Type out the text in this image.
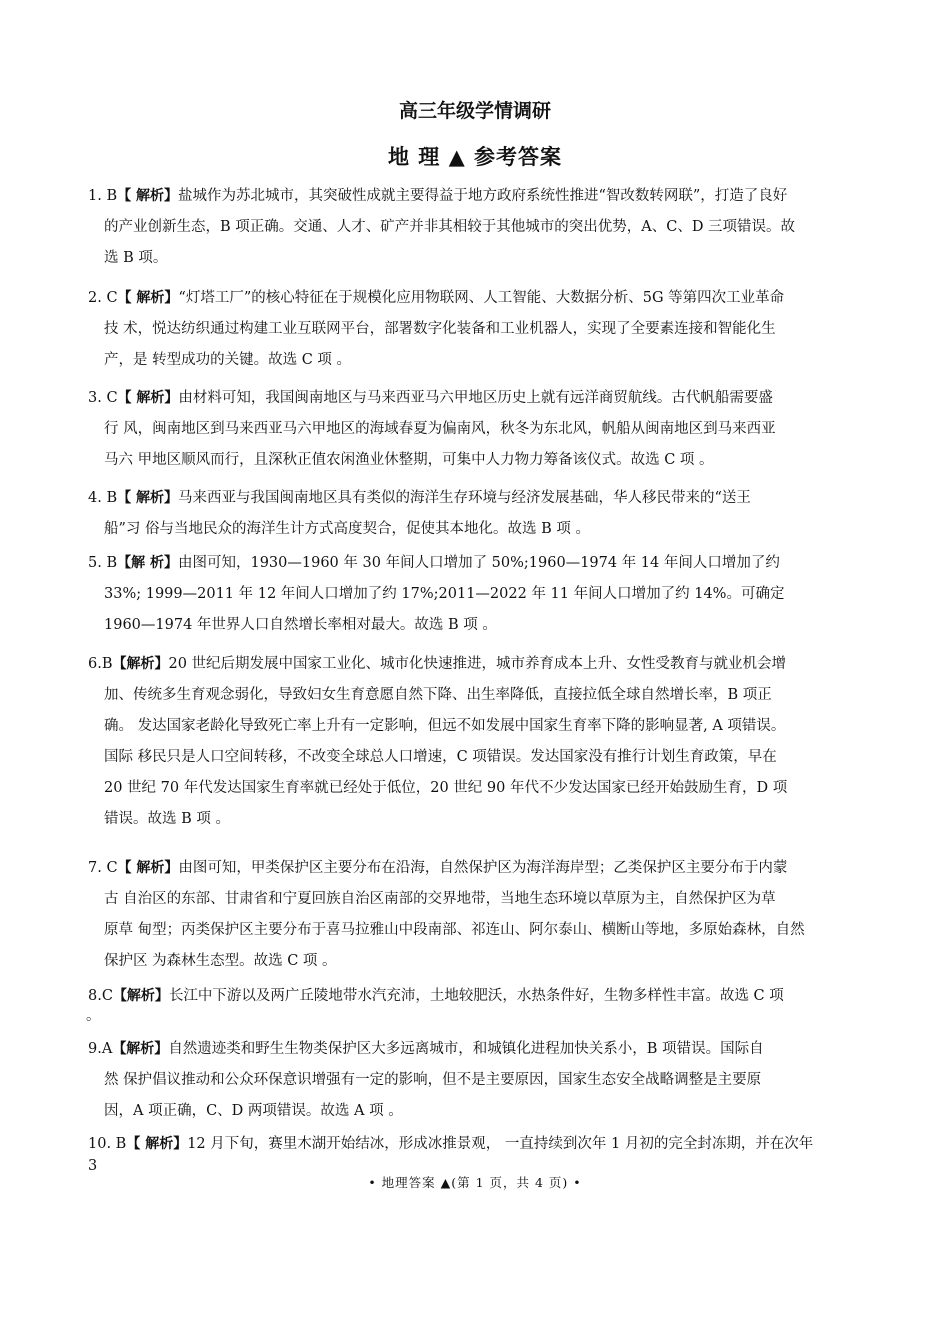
高三年级学情调研
地 理 ▲ 参考答案
1. B【 解析】盐城作为苏北城市，其突破性成就主要得益于地方政府系统性推进“智改数转网联”，打造了良好
的产业创新生态，B 项正确。交通、人才、矿产并非其相较于其他城市的突出优势，A、C、D 三项错误。故
选 B 项。
2. C【 解析】“灯塔工厂”的核心特征在于规模化应用物联网、人工智能、大数据分析、5G 等第四次工业革命
技 术，悦达纺织通过构建工业互联网平台，部署数字化装备和工业机器人，实现了全要素连接和智能化生
产，是 转型成功的关键。故选 C 项 。
3. C【 解析】由材料可知，我国闽南地区与马来西亚马六甲地区历史上就有远洋商贸航线。古代帆船需要盛
行 风，闽南地区到马来西亚马六甲地区的海域春夏为偏南风，秋冬为东北风，帆船从闽南地区到马来西亚
马六 甲地区顺风而行，且深秋正值农闲渔业休整期，可集中人力物力筹备该仪式。故选 C 项 。
4. B【 解析】马来西亚与我国闽南地区具有类似的海洋生存环境与经济发展基础，华人移民带来的“送王
船”习 俗与当地民众的海洋生计方式高度契合，促使其本地化。故选 B 项 。
5. B【解 析】由图可知，1930—1960 年 30 年间人口增加了 50%;1960—1974 年 14 年间人口增加了约
33%; 1999—2011 年 12 年间人口增加了约 17%;2011—2022 年 11 年间人口增加了约 14%。可确定
1960—1974 年世界人口自然增长率相对最大。故选 B 项 。
6.B【解析】20 世纪后期发展中国家工业化、城市化快速推进，城市养育成本上升、女性受教育与就业机会增
加、传统多生育观念弱化，导致妇女生育意愿自然下降、出生率降低，直接拉低全球自然增长率，B 项正
确。 发达国家老龄化导致死亡率上升有一定影响，但远不如发展中国家生育率下降的影响显著, A 项错误。
国际 移民只是人口空间转移，不改变全球总人口增速，C 项错误。发达国家没有推行计划生育政策，早在
20 世纪 70 年代发达国家生育率就已经处于低位，20 世纪 90 年代不少发达国家已经开始鼓励生育，D 项
错误。故选 B 项 。
7. C【 解析】由图可知，甲类保护区主要分布在沿海，自然保护区为海洋海岸型；乙类保护区主要分布于内蒙
古 自治区的东部、甘肃省和宁夏回族自治区南部的交界地带，当地生态环境以草原为主，自然保护区为草
原草 甸型；丙类保护区主要分布于喜马拉雅山中段南部、祁连山、阿尔泰山、横断山等地，多原始森林，自然
保护区 为森林生态型。故选 C 项 。
8.C【解析】长江中下游以及两广丘陵地带水汽充沛，土地较肥沃，水热条件好，生物多样性丰富。故选 C 项
。
9.A【解析】自然遗迹类和野生生物类保护区大多远离城市，和城镇化进程加快关系小，B 项错误。国际自
然 保护倡议推动和公众环保意识增强有一定的影响，但不是主要原因，国家生态安全战略调整是主要原
因，A 项正确，C、D 两项错误。故选 A 项 。
10. B【 解析】12 月下旬，赛里木湖开始结冰，形成冰推景观， 一直持续到次年 1 月初的完全封冻期，并在次年
3
• 地理答案 ▲(第 1 页，共 4 页) •
